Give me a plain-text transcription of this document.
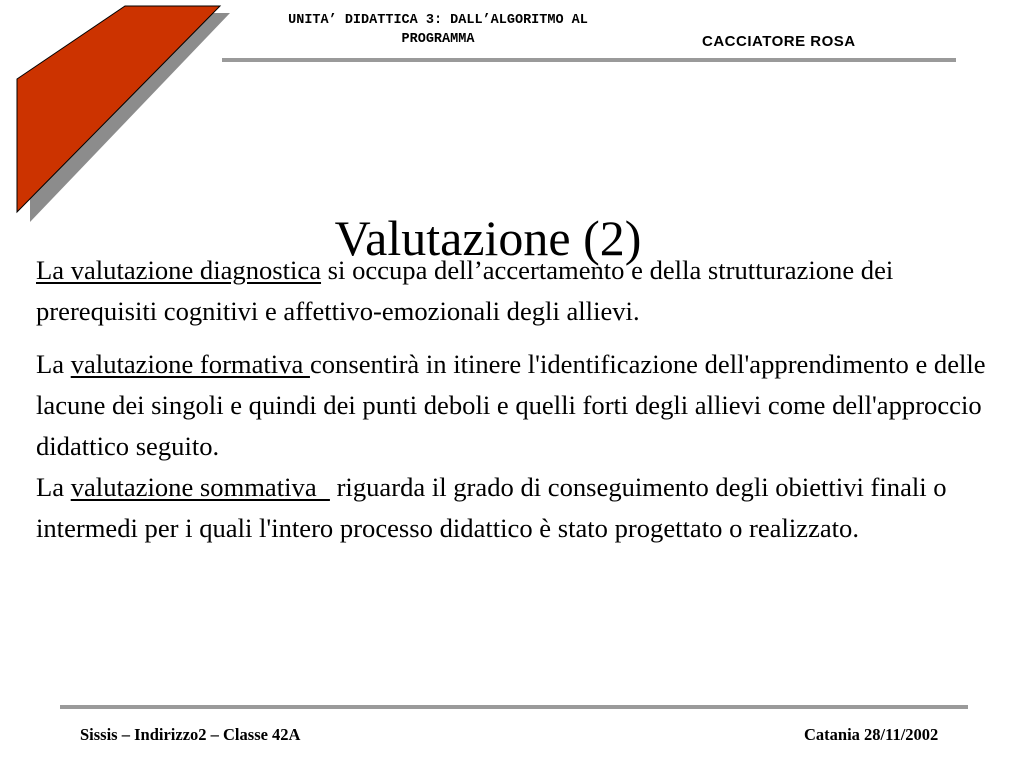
UNITA’ DIDATTICA 3: DALL’ALGORITMO AL
PROGRAMMA	CACCIATORE ROSA
Valutazione (2)

La valutazione diagnostica si occupa dell’accertamento e della strutturazione dei prerequisiti cognitivi e affettivo-emozionali degli allievi.

La valutazione formativa consentirà in itinere l'identificazione dell'apprendimento e delle lacune dei singoli e quindi dei punti deboli e quelli forti degli allievi come dell'approccio didattico seguito.

La valutazione sommativa   riguarda il grado di conseguimento degli obiettivi finali o intermedi per i quali l'intero processo didattico è stato progettato o realizzato.

Sissis – Indirizzo2 – Classe 42A	Catania 28/11/2002
